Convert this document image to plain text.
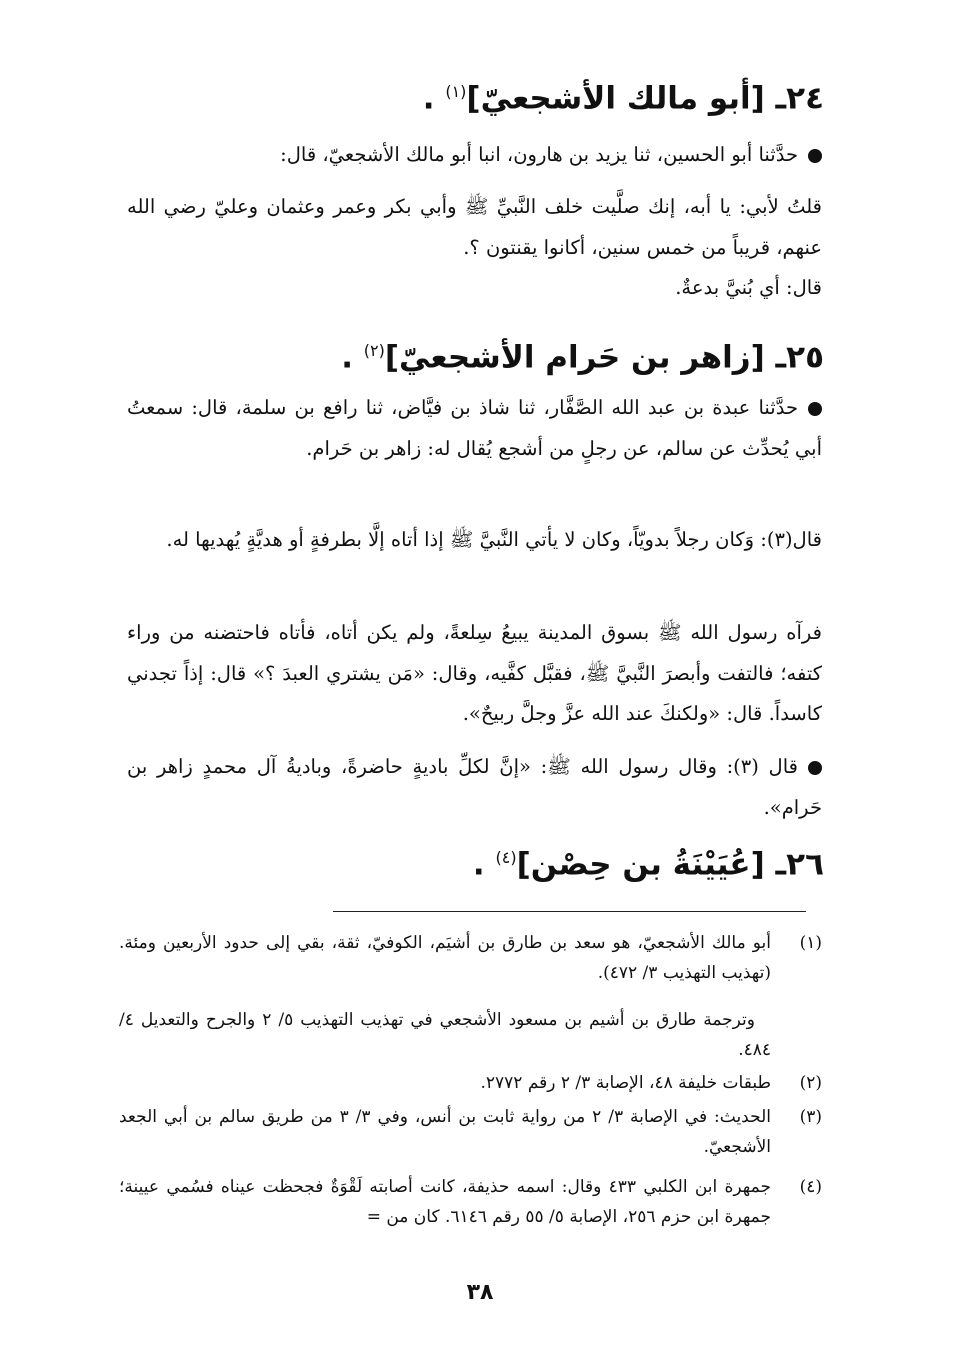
٢٤ـ [أبو مالك الأشجعيّ]$^{(١)}$ .

حدَّثنا أبو الحسين، ثنا يزيد بن هارون، انبا أبو مالك الأشجعيّ، قال:

قلتُ لأبي: يا أبه، إنك صلَّيت خلف النَّبيِّ ﷺ وأبي بكر وعمر وعثمان وعليّ رضي الله عنهم، قريباً من خمس سنين، أكانوا يقنتون ؟.

قال: أي بُنيَّ بدعةٌ.

٢٥ـ [زاهر بن حَرام الأشجعيّ]$^{(٢)}$ .

حدَّثنا عبدة بن عبد الله الصَّفَّار، ثنا شاذ بن فيَّاض، ثنا رافع بن سلمة، قال: سمعتُ أبي يُحدِّث عن سالم، عن رجلٍ من أشجع يُقال له: زاهر بن حَرام.

قال(٣): وَكان رجلاً بدويّاً، وكان لا يأتي النَّبيَّ ﷺ إذا أتاه إلَّا بطرفةٍ أو هديَّةٍ يُهديها له.

فرآه رسول الله ﷺ بسوق المدينة يبيعُ سِلعةً، ولم يكن أتاه، فأتاه فاحتضنه من وراء كتفه؛ فالتفت وأبصرَ النَّبيَّ ﷺ، فقبَّل كفَّيه، وقال: «مَن يشتري العبدَ ؟» قال: إذاً تجدني كاسداً. قال: «ولكنكَ عند الله عزَّ وجلَّ ربيحٌ».

قال (٣): وقال رسول الله ﷺ: «إنَّ لكلِّ باديةٍ حاضرةً، وباديةُ آل محمدٍ زاهر بن حَرام».

٢٦ـ [عُيَيْنَةُ بن حِصْن]$^{(٤)}$ .
(١)
أبو مالك الأشجعيّ، هو سعد بن طارق بن أشيَم، الكوفيّ، ثقة، بقي إلى حدود الأربعين ومئة. (تهذيب التهذيب ٣/ ٤٧٢).
وترجمة طارق بن أشيم بن مسعود الأشجعي في تهذيب التهذيب ٥/ ٢ والجرح والتعديل ٤/ ٤٨٤.
(٢)
طبقات خليفة ٤٨، الإصابة ٣/ ٢ رقم ٢٧٧٢.
(٣)
الحديث: في الإصابة ٣/ ٢ من رواية ثابت بن أنس، وفي ٣/ ٣ من طريق سالم بن أبي الجعد الأشجعيّ.
(٤)
جمهرة ابن الكلبي ٤٣٣ وقال: اسمه حذيفة، كانت أصابته لَقْوَةٌ فجحظت عيناه فسُمي عيينة؛ جمهرة ابن حزم ٢٥٦، الإصابة ٥/ ٥٥ رقم ٦١٤٦. كان من =
٣٨
